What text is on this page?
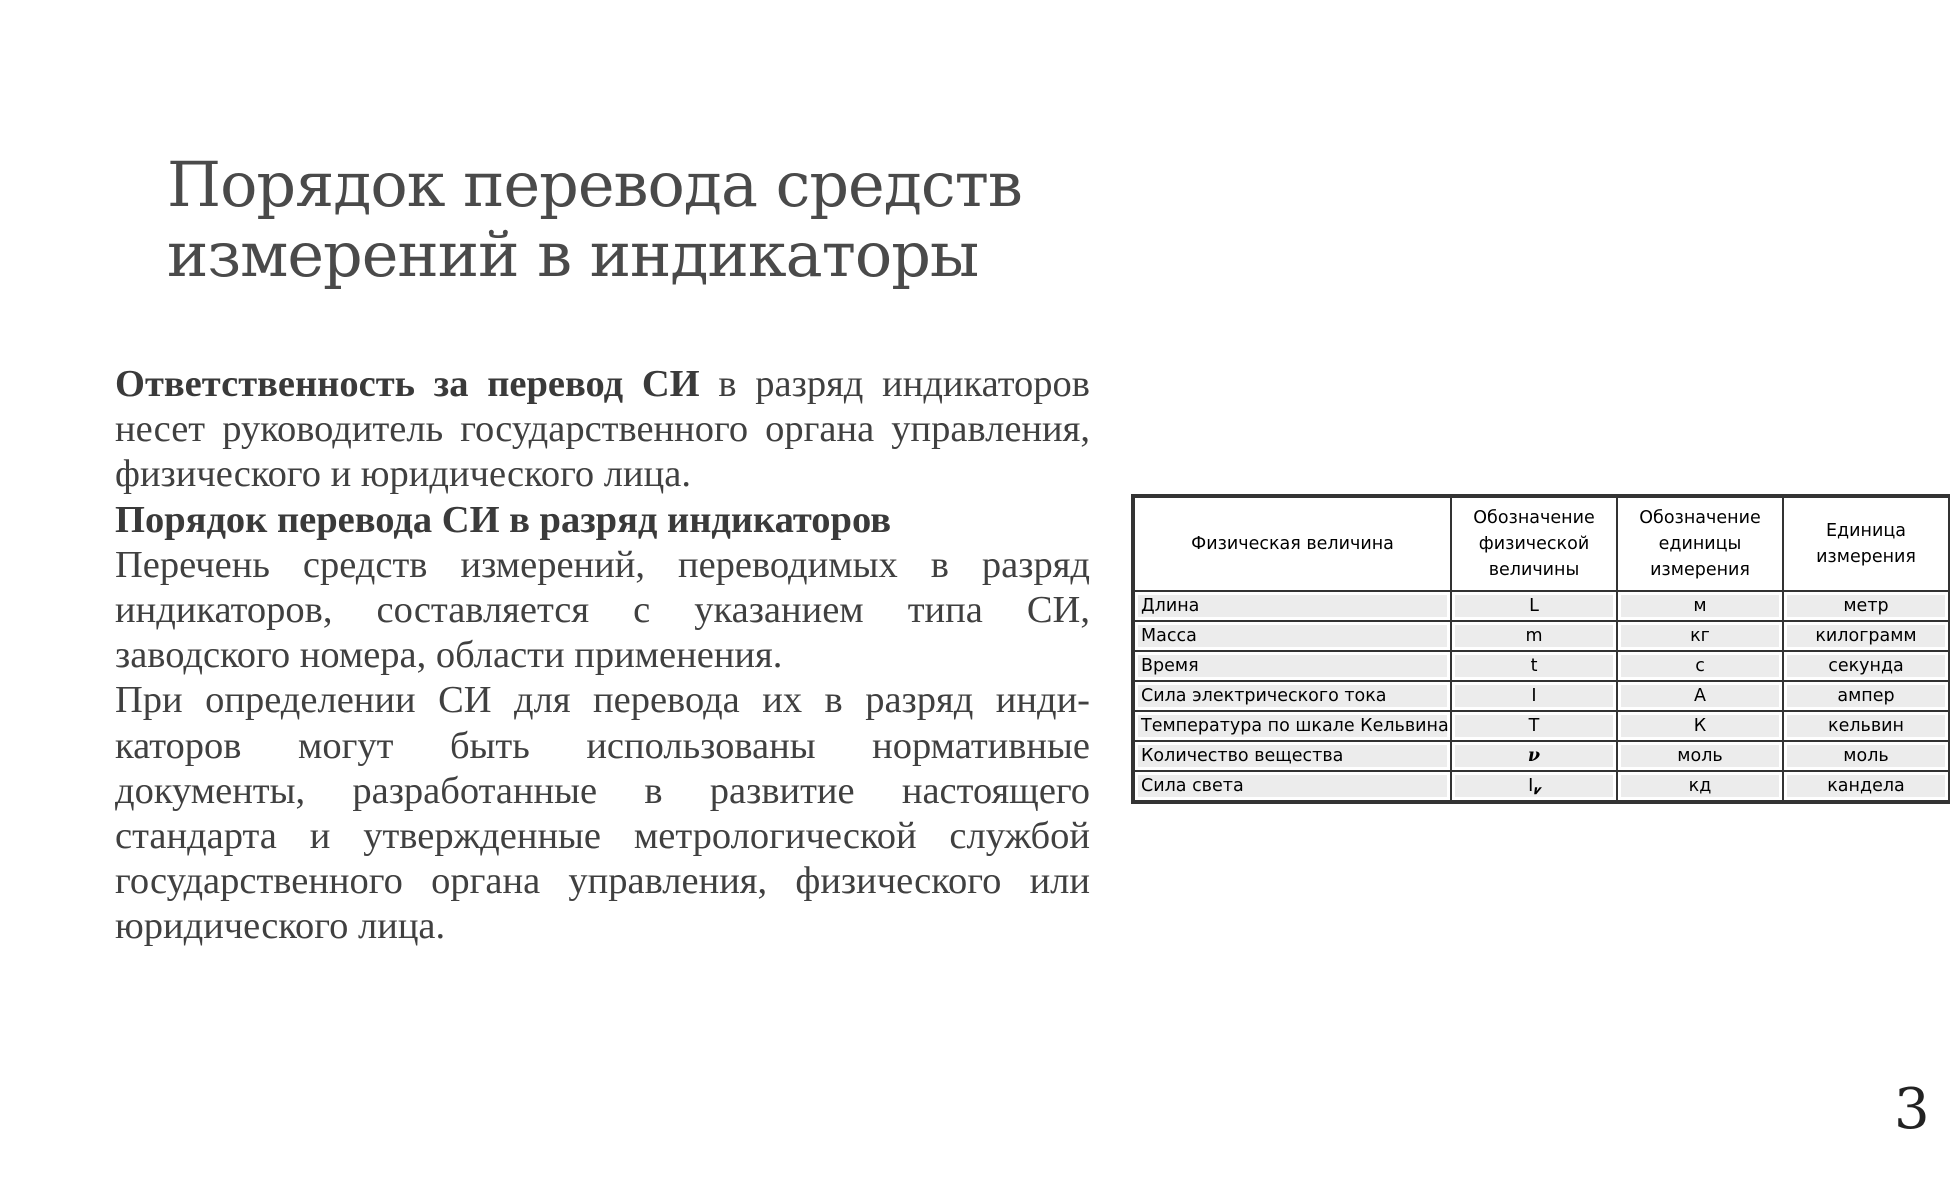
Порядок перевода средств
измерений в индикаторы

Ответственность за перевод СИ в разряд индикаторов несет руководитель государственного органа управления, физического и юридического лица.

Порядок перевода СИ в разряд индикаторов

Перечень средств измерений, переводимых в разряд индикаторов, составляется с указанием типа СИ, заводского номера, области применения.

При определении СИ для перевода их в разряд инди-каторов могут быть использованы нормативные документы, разработанные в развитие настоящего стандарта и утвержденные метрологической службой государственного органа управления, физического или юридического лица.

Физическая величина	Обозначение физической величины	Обозначение единицы измерения	Единица измерения

Длина	L	м	метр

Масса	m	кг	килограмм

Время	t	с	секунда

Сила электрического тока	I	А	ампер

Температура по шкале Кельвина	T	К	кельвин

Количество вещества	𝝂	моль	моль

Сила света	$I_𝒗$	кд	кандела
3
